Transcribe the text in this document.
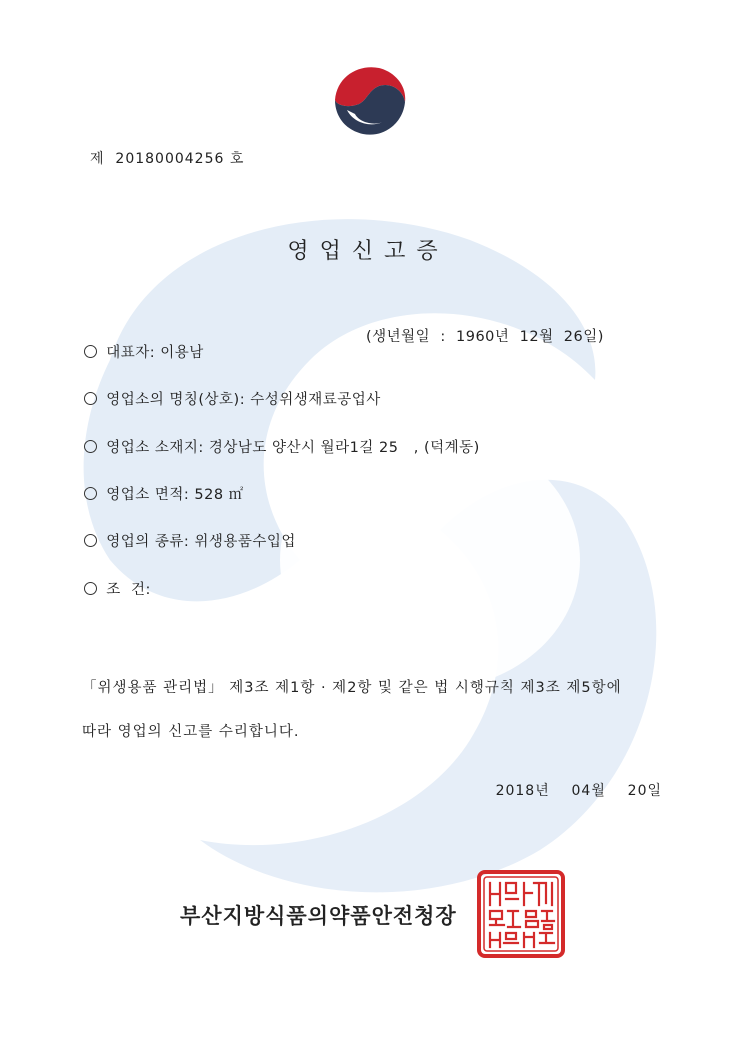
제  20180004256 호
영업신고증

대표자: 이용남

(생년월일  :  1960년  12월  26일)

영업소의 명칭(상호): 수성위생재료공업사

영업소 소재지: 경상남도 양산시 월라1길 25   , (덕계동)

영업소 면적: 528 ㎡

영업의 종류: 위생용품수입업

조  건:

「위생용품 관리법」 제3조 제1항 · 제2항 및 같은 법 시행규칙 제3조 제5항에
따라 영업의 신고를 수리합니다.
2018년    04월    20일
부산지방식품의약품안전청장
